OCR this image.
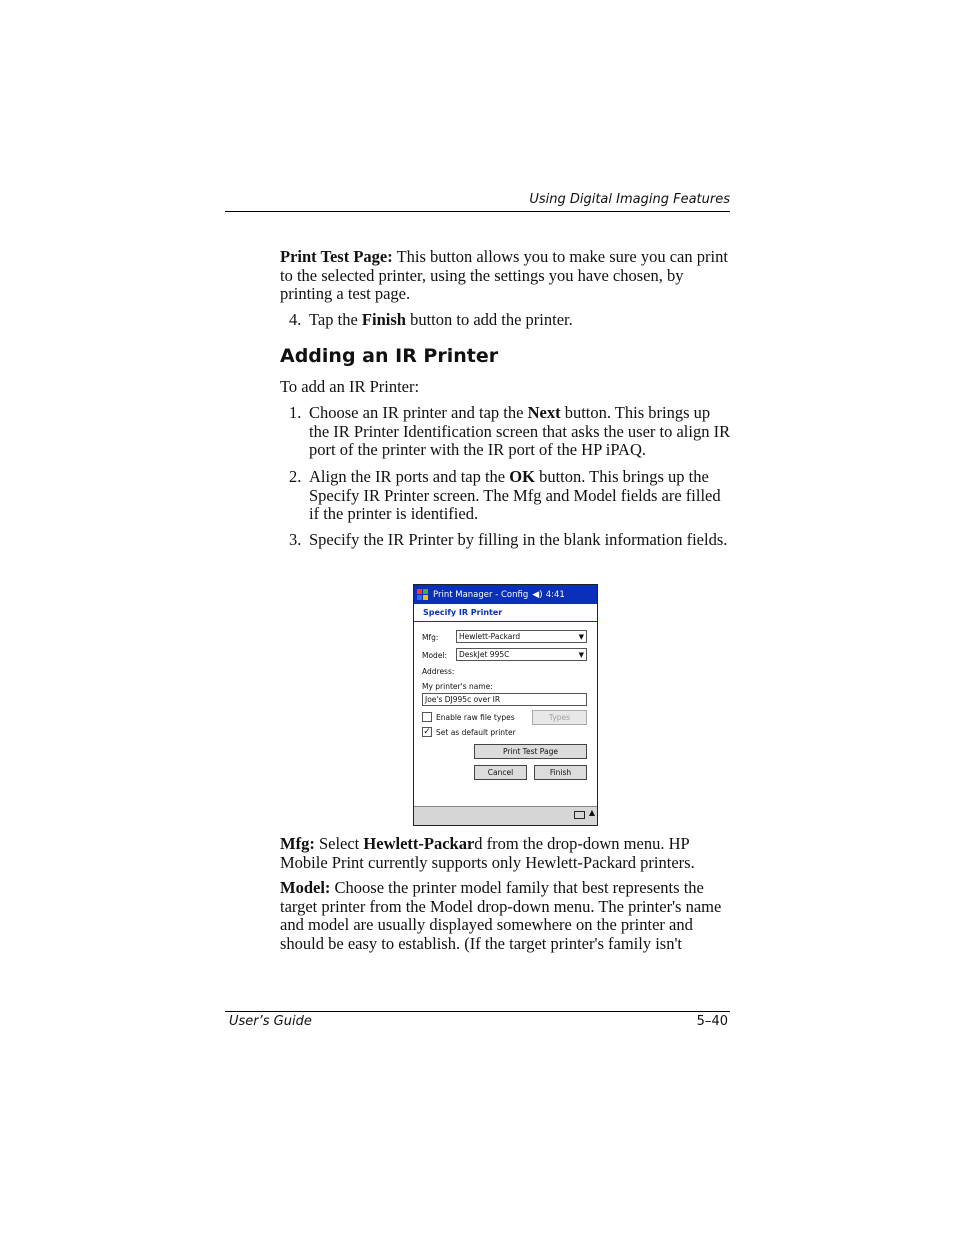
Using Digital Imaging Features

Print Test Page: This button allows you to make sure you can print to the selected printer, using the settings you have chosen, by printing a test page.

4. Tap the Finish button to add the printer.
Adding an IR Printer

To add an IR Printer:

1. Choose an IR printer and tap the Next button. This brings up the IR Printer Identification screen that asks the user to align IR port of the printer with the IR port of the HP iPAQ.
2. Align the IR ports and tap the OK button. This brings up the Specify IR Printer screen. The Mfg and Model fields are filled if the printer is identified.
3. Specify the IR Printer by filling in the blank information fields.
Print Manager - Config ◀) 4:41
Specify IR Printer
Mfg:	Hewlett-Packard	▼
Model:	DeskJet 995C	▼
Address:
My printer's name:
Joe's DJ995c over IR
Enable raw file types	Types
✓ Set as default printer
Print Test Page
Cancel	Finish
▲

Mfg: Select Hewlett-Packard from the drop-down menu. HP Mobile Print currently supports only Hewlett-Packard printers.

Model: Choose the printer model family that best represents the target printer from the Model drop-down menu. The printer's name and model are usually displayed somewhere on the printer and should be easy to establish. (If the target printer's family isn't

User’s Guide	5–40
